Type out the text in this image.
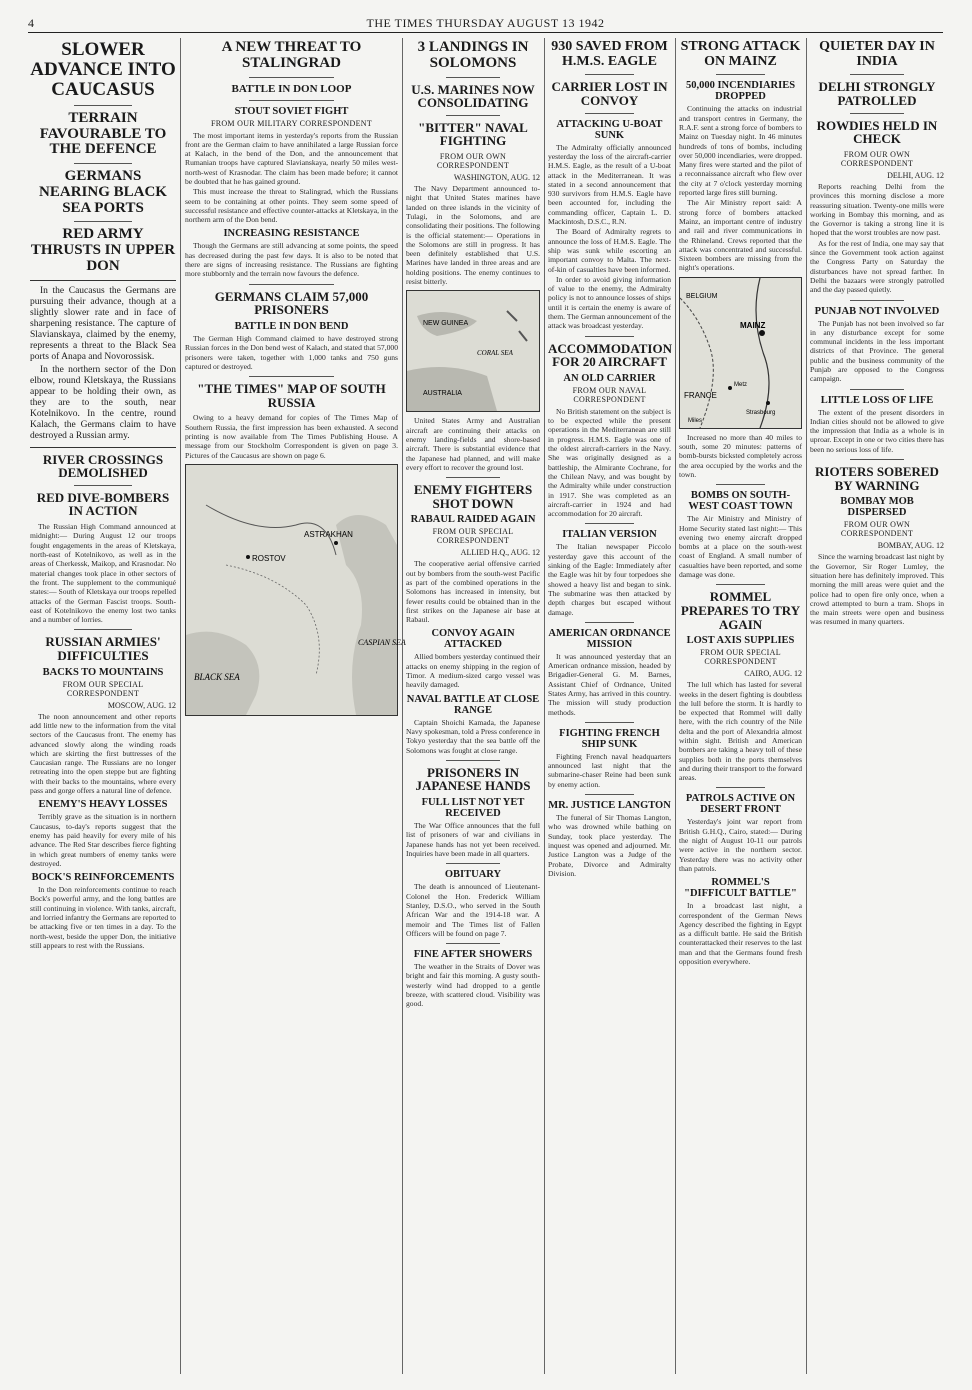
4	THE TIMES THURSDAY AUGUST 13 1942
SLOWER ADVANCE INTO CAUCASUS
TERRAIN FAVOURABLE TO THE DEFENCE
GERMANS NEARING BLACK SEA PORTS
RED ARMY THRUSTS IN UPPER DON

In the Caucasus the Germans are pursuing their advance, though at a slightly slower rate and in face of sharpening resistance. The capture of Slavianskaya, claimed by the enemy, represents a threat to the Black Sea ports of Anapa and Novorossisk.

In the northern sector of the Don elbow, round Kletskaya, the Russians appear to be holding their own, as they are to the south, near Kotelnikovo. In the centre, round Kalach, the Germans claim to have destroyed a Russian army.

RIVER CROSSINGS DEMOLISHED
RED DIVE-BOMBERS IN ACTION

The Russian High Command announced at midnight:— During August 12 our troops fought engagements in the areas of Kletskaya, north-east of Kotelnikovo, as well as in the areas of Cherkessk, Maikop, and Krasnodar. No material changes took place in other sectors of the front. The supplement to the communiqué states:— South of Kletskaya our troops repelled attacks of the German Fascist troops. South-east of Kotelnikovo the enemy lost two tanks and a number of lorries.

RUSSIAN ARMIES' DIFFICULTIES
BACKS TO MOUNTAINS
FROM OUR SPECIAL CORRESPONDENT
MOSCOW, AUG. 12

The noon announcement and other reports add little new to the information from the vital sectors of the Caucasus front. The enemy has advanced slowly along the winding roads which are skirting the first buttresses of the Caucasian range. The Russians are no longer retreating into the open steppe but are fighting with their backs to the mountains, where every pass and gorge offers a natural line of defence.

ENEMY'S HEAVY LOSSES

Terribly grave as the situation is in northern Caucasus, to-day's reports suggest that the enemy has paid heavily for every mile of his advance. The Red Star describes fierce fighting in which great numbers of enemy tanks were destroyed.

BOCK'S REINFORCEMENTS

In the Don reinforcements continue to reach Bock's powerful army, and the long battles are still continuing in violence. With tanks, aircraft, and lorried infantry the Germans are reported to be attacking five or ten times in a day. To the north-west, beside the upper Don, the initiative still appears to rest with the Russians.

A NEW THREAT TO STALINGRAD
BATTLE IN DON LOOP
STOUT SOVIET FIGHT
FROM OUR MILITARY CORRESPONDENT

The most important items in yesterday's reports from the Russian front are the German claim to have annihilated a large Russian force at Kalach, in the bend of the Don, and the announcement that Rumanian troops have captured Slavianskaya, nearly 50 miles west-north-west of Krasnodar. The claim has been made before; it cannot be doubted that he has gained ground.

This must increase the threat to Stalingrad, which the Russians seem to be containing at other points. They seem some speed of successful resistance and effective counter-attacks at Kletskaya, in the northern arm of the Don bend.

INCREASING RESISTANCE

Though the Germans are still advancing at some points, the speed has decreased during the past few days. It is also to be noted that there are signs of increasing resistance. The Russians are fighting more stubbornly and the terrain now favours the defence.

GERMANS CLAIM 57,000 PRISONERS
BATTLE IN DON BEND

The German High Command claimed to have destroyed strong Russian forces in the Don bend west of Kalach, and stated that 57,000 prisoners were taken, together with 1,000 tanks and 750 guns captured or destroyed.

"THE TIMES" MAP OF SOUTH RUSSIA

Owing to a heavy demand for copies of The Times Map of Southern Russia, the first impression has been exhausted. A second printing is now available from The Times Publishing House. A message from our Stockholm Correspondent is given on page 3. Pictures of the Caucasus are shown on page 6.

ROSTOV
ASTRAKHAN
BLACK SEA
CASPIAN SEA
3 LANDINGS IN SOLOMONS
U.S. MARINES NOW CONSOLIDATING
"BITTER" NAVAL FIGHTING
FROM OUR OWN CORRESPONDENT
WASHINGTON, AUG. 12

The Navy Department announced to-night that United States marines have landed on three islands in the vicinity of Tulagi, in the Solomons, and are consolidating their positions. The following is the official statement:— Operations in the Solomons are still in progress. It has been definitely established that U.S. Marines have landed in three areas and are holding positions. The enemy continues to resist bitterly.

NEW GUINEA
CORAL SEA
AUSTRALIA

United States Army and Australian aircraft are continuing their attacks on enemy landing-fields and shore-based aircraft. There is substantial evidence that the Japanese had planned, and will make every effort to recover the ground lost.

ENEMY FIGHTERS SHOT DOWN
RABAUL RAIDED AGAIN
FROM OUR SPECIAL CORRESPONDENT
ALLIED H.Q., AUG. 12

The cooperative aerial offensive carried out by bombers from the south-west Pacific as part of the combined operations in the Solomons has increased in intensity, but fewer results could be obtained than in the first strikes on the Japanese air base at Rabaul.

CONVOY AGAIN ATTACKED

Allied bombers yesterday continued their attacks on enemy shipping in the region of Timor. A medium-sized cargo vessel was heavily damaged.

NAVAL BATTLE AT CLOSE RANGE

Captain Shoichi Kamada, the Japanese Navy spokesman, told a Press conference in Tokyo yesterday that the sea battle off the Solomons was fought at close range.

PRISONERS IN JAPANESE HANDS
FULL LIST NOT YET RECEIVED

The War Office announces that the full list of prisoners of war and civilians in Japanese hands has not yet been received. Inquiries have been made in all quarters.

OBITUARY

The death is announced of Lieutenant-Colonel the Hon. Frederick William Stanley, D.S.O., who served in the South African War and the 1914-18 war. A memoir and The Times list of Fallen Officers will be found on page 7.

FINE AFTER SHOWERS

The weather in the Straits of Dover was bright and fair this morning. A gusty south-westerly wind had dropped to a gentle breeze, with scattered cloud. Visibility was good.

930 SAVED FROM H.M.S. EAGLE
CARRIER LOST IN CONVOY
ATTACKING U-BOAT SUNK

The Admiralty officially announced yesterday the loss of the aircraft-carrier H.M.S. Eagle, as the result of a U-boat attack in the Mediterranean. It was stated in a second announcement that 930 survivors from H.M.S. Eagle have been accounted for, including the commanding officer, Captain L. D. Mackintosh, D.S.C., R.N.

The Board of Admiralty regrets to announce the loss of H.M.S. Eagle. The ship was sunk while escorting an important convoy to Malta. The next-of-kin of casualties have been informed.

In order to avoid giving information of value to the enemy, the Admiralty policy is not to announce losses of ships until it is certain the enemy is aware of them. The German announcement of the attack was broadcast yesterday.

ACCOMMODATION FOR 20 AIRCRAFT
AN OLD CARRIER
FROM OUR NAVAL CORRESPONDENT

No British statement on the subject is to be expected while the present operations in the Mediterranean are still in progress. H.M.S. Eagle was one of the oldest aircraft-carriers in the Navy. She was originally designed as a battleship, the Almirante Cochrane, for the Chilean Navy, and was bought by the Admiralty while under construction in 1917. She was completed as an aircraft-carrier in 1924 and had accommodation for 20 aircraft.

ITALIAN VERSION

The Italian newspaper Piccolo yesterday gave this account of the sinking of the Eagle: Immediately after the Eagle was hit by four torpedoes she showed a heavy list and began to sink. The submarine was then attacked by depth charges but escaped without damage.

AMERICAN ORDNANCE MISSION

It was announced yesterday that an American ordnance mission, headed by Brigadier-General G. M. Barnes, Assistant Chief of Ordnance, United States Army, has arrived in this country. The mission will study production methods.

FIGHTING FRENCH SHIP SUNK

Fighting French naval headquarters announced last night that the submarine-chaser Reine had been sunk by enemy action.

MR. JUSTICE LANGTON

The funeral of Sir Thomas Langton, who was drowned while bathing on Sunday, took place yesterday. The inquest was opened and adjourned. Mr. Justice Langton was a Judge of the Probate, Divorce and Admiralty Division.

STRONG ATTACK ON MAINZ
50,000 INCENDIARIES DROPPED

Continuing the attacks on industrial and transport centres in Germany, the R.A.F. sent a strong force of bombers to Mainz on Tuesday night. In 46 minutes hundreds of tons of bombs, including over 50,000 incendiaries, were dropped. Many fires were started and the pilot of a reconnaissance aircraft who flew over the city at 7 o'clock yesterday morning reported large fires still burning.

The Air Ministry report said: A strong force of bombers attacked Mainz, an important centre of industry and rail and river communications in the Rhineland. Crews reported that the attack was concentrated and successful. Sixteen bombers are missing from the night's operations.

BELGIUM
FRANCE
MAINZ
Metz
Strasbourg
Miles

Increased no more than 40 miles to south, some 20 minutes: patterns of bomb-bursts bicksted completely across the area occupied by the works and the town.

BOMBS ON SOUTH-WEST COAST TOWN

The Air Ministry and Ministry of Home Security stated last night:— This evening two enemy aircraft dropped bombs at a place on the south-west coast of England. A small number of casualties have been reported, and some damage was done.

ROMMEL PREPARES TO TRY AGAIN
LOST AXIS SUPPLIES
FROM OUR SPECIAL CORRESPONDENT
CAIRO, AUG. 12

The lull which has lasted for several weeks in the desert fighting is doubtless the lull before the storm. It is hardly to be expected that Rommel will dally here, with the rich country of the Nile delta and the port of Alexandria almost within sight. British and American bombers are taking a heavy toll of these supplies both in the ports themselves and during their transport to the forward areas.

PATROLS ACTIVE ON DESERT FRONT

Yesterday's joint war report from British G.H.Q., Cairo, stated:— During the night of August 10-11 our patrols were active in the northern sector. Yesterday there was no activity other than patrols.

ROMMEL'S "DIFFICULT BATTLE"

In a broadcast last night, a correspondent of the German News Agency described the fighting in Egypt as a difficult battle. He said the British counterattacked their reserves to the last man and that the Germans found fresh opposition everywhere.

QUIETER DAY IN INDIA
DELHI STRONGLY PATROLLED
ROWDIES HELD IN CHECK
FROM OUR OWN CORRESPONDENT
DELHI, AUG. 12

Reports reaching Delhi from the provinces this morning disclose a more reassuring situation. Twenty-one mills were working in Bombay this morning, and as the Governor is taking a strong line it is hoped that the worst troubles are now past.

As for the rest of India, one may say that since the Government took action against the Congress Party on Saturday the disturbances have not spread farther. In Delhi the bazaars were strongly patrolled and the day passed quietly.

PUNJAB NOT INVOLVED

The Punjab has not been involved so far in any disturbance except for some communal incidents in the less important districts of that Province. The general public and the business community of the Punjab are opposed to the Congress campaign.

LITTLE LOSS OF LIFE

The extent of the present disorders in Indian cities should not be allowed to give the impression that India as a whole is in uproar. Except in one or two cities there has been no serious loss of life.

RIOTERS SOBERED BY WARNING
BOMBAY MOB DISPERSED
FROM OUR OWN CORRESPONDENT
BOMBAY, AUG. 12

Since the warning broadcast last night by the Governor, Sir Roger Lumley, the situation here has definitely improved. This morning the mill areas were quiet and the police had to open fire only once, when a crowd attempted to burn a tram. Shops in the main streets were open and business was resumed in many quarters.
